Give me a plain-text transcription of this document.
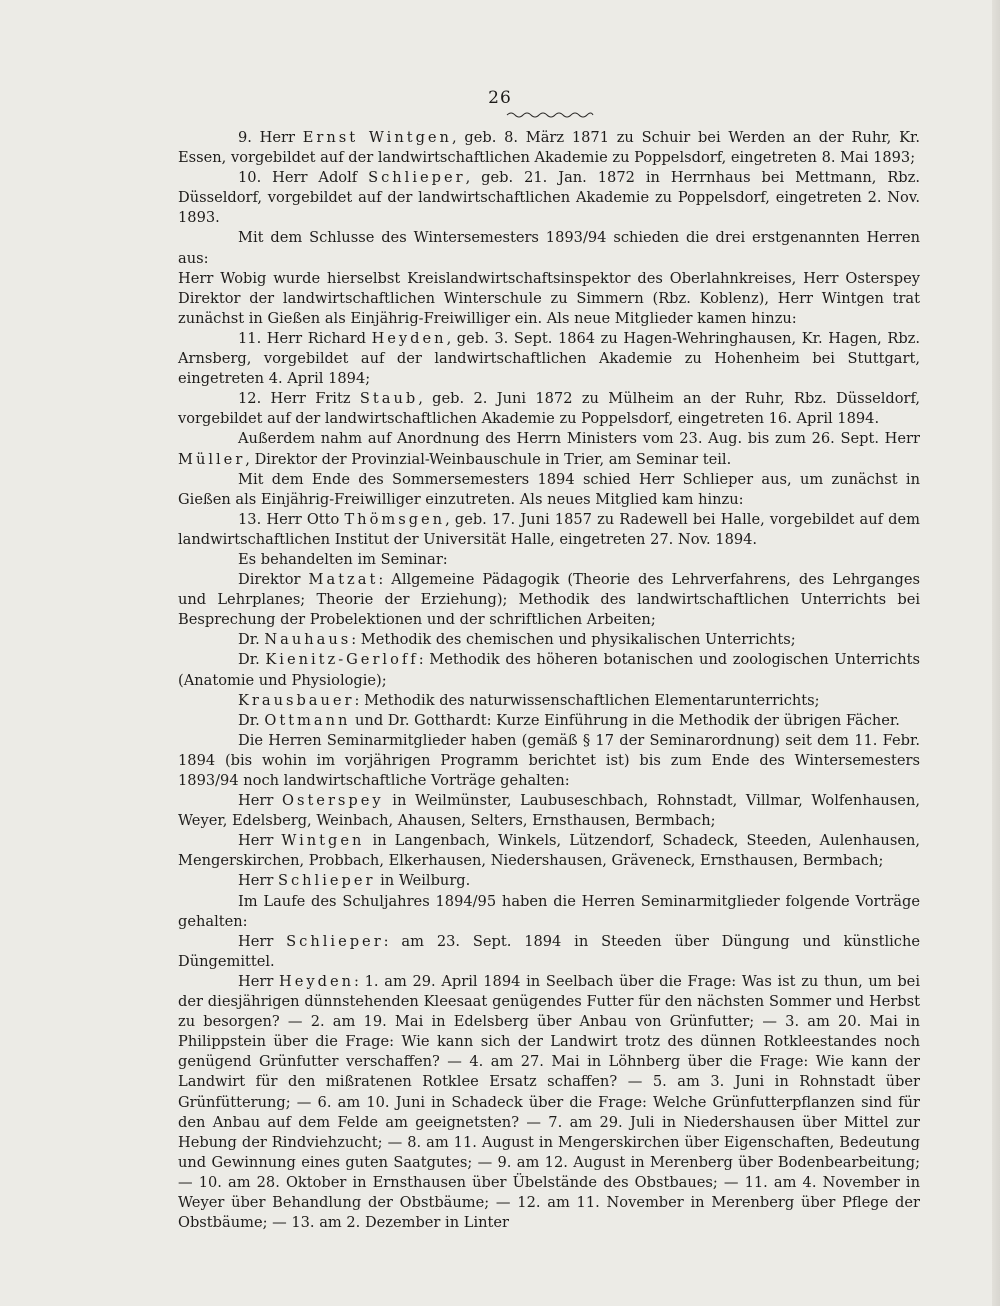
26

9. Herr Ernst Wintgen, geb. 8. März 1871 zu Schuir bei Werden an der Ruhr, Kr. Essen, vorgebildet auf der landwirtschaftlichen Akademie zu Poppelsdorf, eingetreten 8. Mai 1893;

10. Herr Adolf Schlieper, geb. 21. Jan. 1872 in Herrnhaus bei Mettmann, Rbz. Düsseldorf, vorgebildet auf der landwirtschaftlichen Akademie zu Poppelsdorf, eingetreten 2. Nov. 1893.

Mit dem Schlusse des Wintersemesters 1893/94 schieden die drei erstgenannten Herren aus:

Herr Wobig wurde hierselbst Kreislandwirtschaftsinspektor des Oberlahnkreises, Herr Osterspey Direktor der landwirtschaftlichen Winterschule zu Simmern (Rbz. Koblenz), Herr Wintgen trat zunächst in Gießen als Einjährig-Freiwilliger ein. Als neue Mitglieder kamen hinzu:

11. Herr Richard Heyden, geb. 3. Sept. 1864 zu Hagen-Wehringhausen, Kr. Hagen, Rbz. Arnsberg, vorgebildet auf der landwirtschaftlichen Akademie zu Hohenheim bei Stuttgart, eingetreten 4. April 1894;

12. Herr Fritz Staub, geb. 2. Juni 1872 zu Mülheim an der Ruhr, Rbz. Düsseldorf, vorgebildet auf der landwirtschaftlichen Akademie zu Poppelsdorf, eingetreten 16. April 1894.

Außerdem nahm auf Anordnung des Herrn Ministers vom 23. Aug. bis zum 26. Sept. Herr Müller, Direktor der Provinzial-Weinbauschule in Trier, am Seminar teil.

Mit dem Ende des Sommersemesters 1894 schied Herr Schlieper aus, um zunächst in Gießen als Einjährig-Freiwilliger einzutreten. Als neues Mitglied kam hinzu:

13. Herr Otto Thömsgen, geb. 17. Juni 1857 zu Radewell bei Halle, vorgebildet auf dem landwirtschaftlichen Institut der Universität Halle, eingetreten 27. Nov. 1894.

Es behandelten im Seminar:

Direktor Matzat: Allgemeine Pädagogik (Theorie des Lehrverfahrens, des Lehrganges und Lehrplanes; Theorie der Erziehung); Methodik des landwirtschaftlichen Unterrichts bei Besprechung der Probelektionen und der schriftlichen Arbeiten;

Dr. Nauhaus: Methodik des chemischen und physikalischen Unterrichts;

Dr. Kienitz-Gerloff: Methodik des höheren botanischen und zoologischen Unterrichts (Anatomie und Physiologie);

Krausbauer: Methodik des naturwissenschaftlichen Elementarunterrichts;

Dr. Ottmann und Dr. Gotthardt: Kurze Einführung in die Methodik der übrigen Fächer.

Die Herren Seminarmitglieder haben (gemäß § 17 der Seminarordnung) seit dem 11. Febr. 1894 (bis wohin im vorjährigen Programm berichtet ist) bis zum Ende des Wintersemesters 1893/94 noch landwirtschaftliche Vorträge gehalten:

Herr Osterspey in Weilmünster, Laubuseschbach, Rohnstadt, Villmar, Wolfenhausen, Weyer, Edelsberg, Weinbach, Ahausen, Selters, Ernsthausen, Bermbach;

Herr Wintgen in Langenbach, Winkels, Lützendorf, Schadeck, Steeden, Aulenhausen, Mengerskirchen, Probbach, Elkerhausen, Niedershausen, Gräveneck, Ernsthausen, Bermbach;

Herr Schlieper in Weilburg.

Im Laufe des Schuljahres 1894/95 haben die Herren Seminarmitglieder folgende Vorträge gehalten:

Herr Schlieper: am 23. Sept. 1894 in Steeden über Düngung und künstliche Düngemittel.

Herr Heyden: 1. am 29. April 1894 in Seelbach über die Frage: Was ist zu thun, um bei der diesjährigen dünnstehenden Kleesaat genügendes Futter für den nächsten Sommer und Herbst zu besorgen? — 2. am 19. Mai in Edelsberg über Anbau von Grünfutter; — 3. am 20. Mai in Philippstein über die Frage: Wie kann sich der Landwirt trotz des dünnen Rotkleestandes noch genügend Grünfutter verschaffen? — 4. am 27. Mai in Löhnberg über die Frage: Wie kann der Landwirt für den mißratenen Rotklee Ersatz schaffen? — 5. am 3. Juni in Rohnstadt über Grünfütterung; — 6. am 10. Juni in Schadeck über die Frage: Welche Grünfutterpflanzen sind für den Anbau auf dem Felde am geeignetsten? — 7. am 29. Juli in Niedershausen über Mittel zur Hebung der Rindviehzucht; — 8. am 11. August in Mengerskirchen über Eigenschaften, Bedeutung und Gewinnung eines guten Saatgutes; — 9. am 12. August in Merenberg über Bodenbearbeitung; — 10. am 28. Oktober in Ernsthausen über Übelstände des Obstbaues; — 11. am 4. November in Weyer über Behandlung der Obstbäume; — 12. am 11. November in Merenberg über Pflege der Obstbäume; — 13. am 2. Dezember in Linter
